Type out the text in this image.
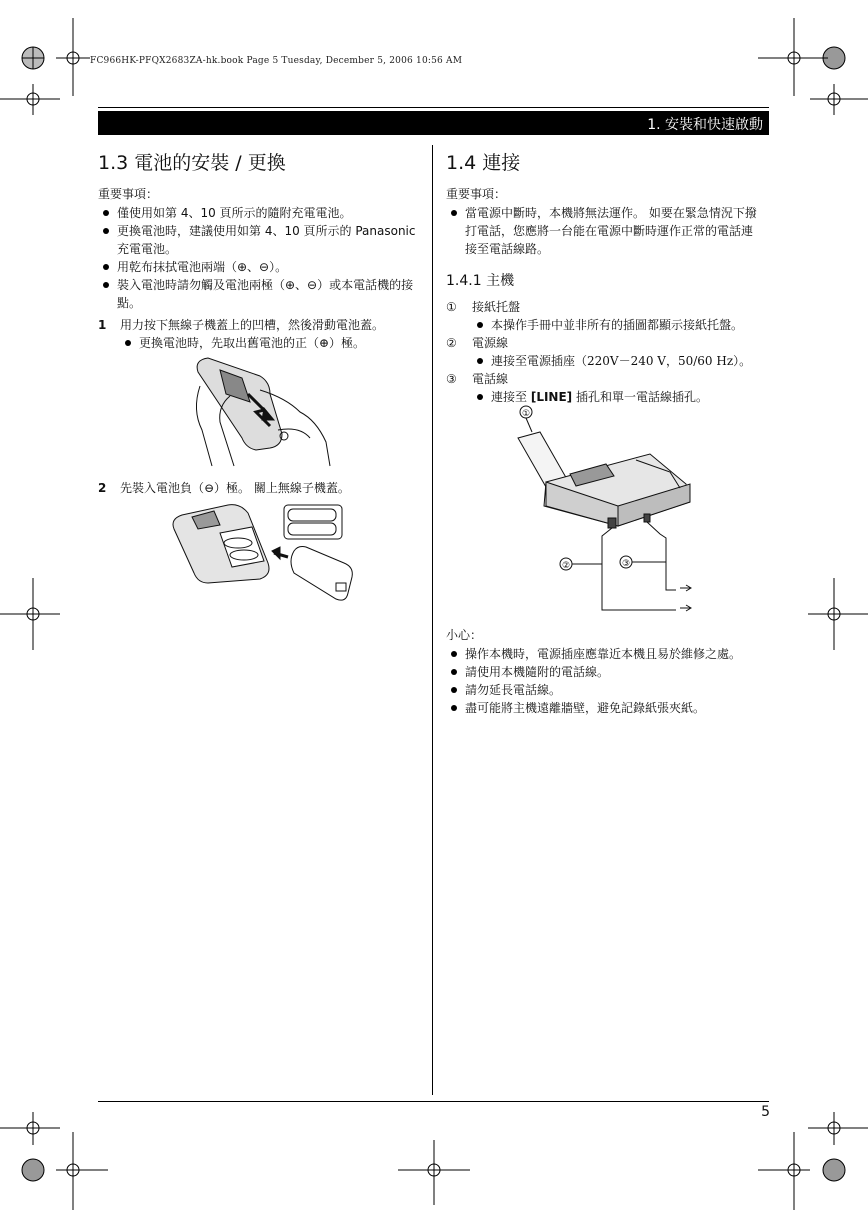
FC966HK-PFQX2683ZA-hk.book Page 5 Tuesday, December 5, 2006 10:56 AM
1. 安裝和快速啟動
1.3 電池的安裝 / 更換
重要事項：
僅使用如第 4、10 頁所示的隨附充電電池。
更換電池時，建議使用如第 4、10 頁所示的 Panasonic 充電電池。
用乾布抹拭電池兩端（⊕、⊖）。
裝入電池時請勿觸及電池兩極（⊕、⊖）或本電話機的接點。
1 用力按下無線子機蓋上的凹槽，然後滑動電池蓋。
更換電池時，先取出舊電池的正（⊕）極。
2 先裝入電池負（⊖）極。 關上無線子機蓋。
1.4 連接
重要事項：
當電源中斷時，本機將無法運作。 如要在緊急情況下撥打電話，您應將一台能在電源中斷時運作正常的電話連接至電話線路。
1.4.1 主機
① 接紙托盤
本操作手冊中並非所有的插圖都顯示接紙托盤。
② 電源線
連接至電源插座（220V－240 V，50/60 Hz）。
③ 電話線
連接至 [LINE] 插孔和單一電話線插孔。
①
②	③
小心：
操作本機時，電源插座應靠近本機且易於維修之處。
請使用本機隨附的電話線。
請勿延長電話線。
盡可能將主機遠離牆壁，避免記錄紙張夾紙。
5
